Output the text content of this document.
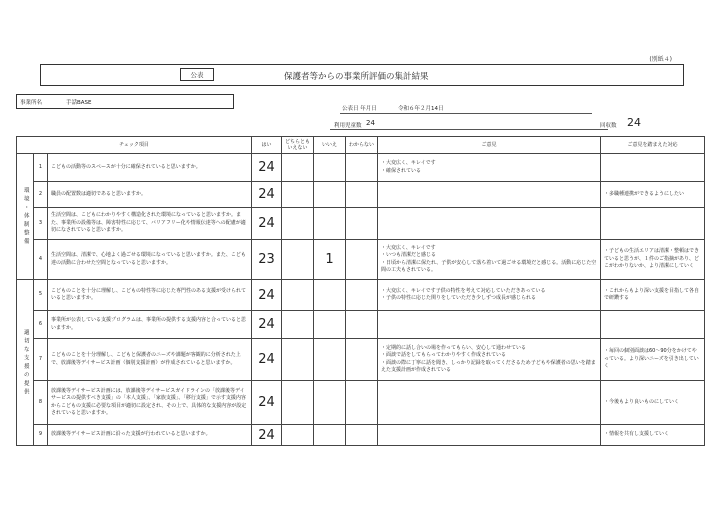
(別紙４)
公表	保護者等からの事業所評価の集計結果
事業所名	手話BASE
公表日 年月日	令和６年２月14日
利用児童数 24	回収数 24
チェック項目			はい	どちらともいえない	いいえ	わからない	ご意見	ご意見を踏まえた対応

環境・体制整備	1	こどもの活動等のスペースが十分に確保されていると思いますか。	24				・大変広く、キレイです
・確保されている	
	2	職員の配置数は適切であると思いますか。	24					・多職種連携ができるようにしたい
	3	生活空間は、こどもにわかりやすく構造化された環境になっていると思いますか。また、事業所の設備等は、障害特性に応じて、バリアフリー化や情報伝達等への配慮が適切になされていると思いますか。	24					
	4	生活空間は、清潔で、心地よく過ごせる環境になっていると思いますか。また、こども達の活動に合わせた空間となっていると思いますか。	23		1		・大変広く、キレイです
・いつも清潔だと感じる
・日頃から清潔に保たれ、子供が安心して落ち着いて過ごせる環境だと感じる。活動に応じた空間の工夫もされている。	・子どもの生活エリアは清潔・整頓はできていると思うが、１件のご指摘があり、どこがわかりないか、より清潔にしていく

適切な支援の提供	5	こどものことを十分に理解し、こどもの特性等に応じた専門性のある支援が受けられていると思いますか。	24				・大変広く、キレイです子供の特性を考えて対応していただきあっている
・子供の特性に応じた関りをしていただき少しずつ成長が感じられる	・これからもより深い支援を目指して各自で研鑽する
	6	事業所が公表している支援プログラムは、事業所の提供する支援内容と合っていると思いますか。	24					
	7	こどものことを十分理解し、こどもと保護者のニーズや課題が客観的に分析された上で、放課後等デイサービス計画（個別支援計画）が作成されていると思いますか。	24				・定期的に話し合いの場を作ってもらい、安心して通わせている
・面談で話をしてもらってわかりやすく作成されている
・面談の際に丁寧に話を聞き、しっかり記録を取ってくださるため子どもや保護者の思いを踏まえた支援計画が作成されている	・毎回の個別面談は60～90分をかけてやっている。より深いニーズを引き出していく
	8	放課後等デイサービス計画には、放課後等デイサービスガイドラインの「放課後等デイサービスの提供すべき支援」の「本人支援」、「家族支援」、「移行支援」で示す支援内容からこどもの支援に必要な項目が適切に設定され、その上で、具体的な支援内容が設定されていると思いますか。	24					・今後もより良いものにしていく
	9	放課後等デイサービス計画に沿った支援が行われていると思いますか。	24					・情報を共有し支援していく
